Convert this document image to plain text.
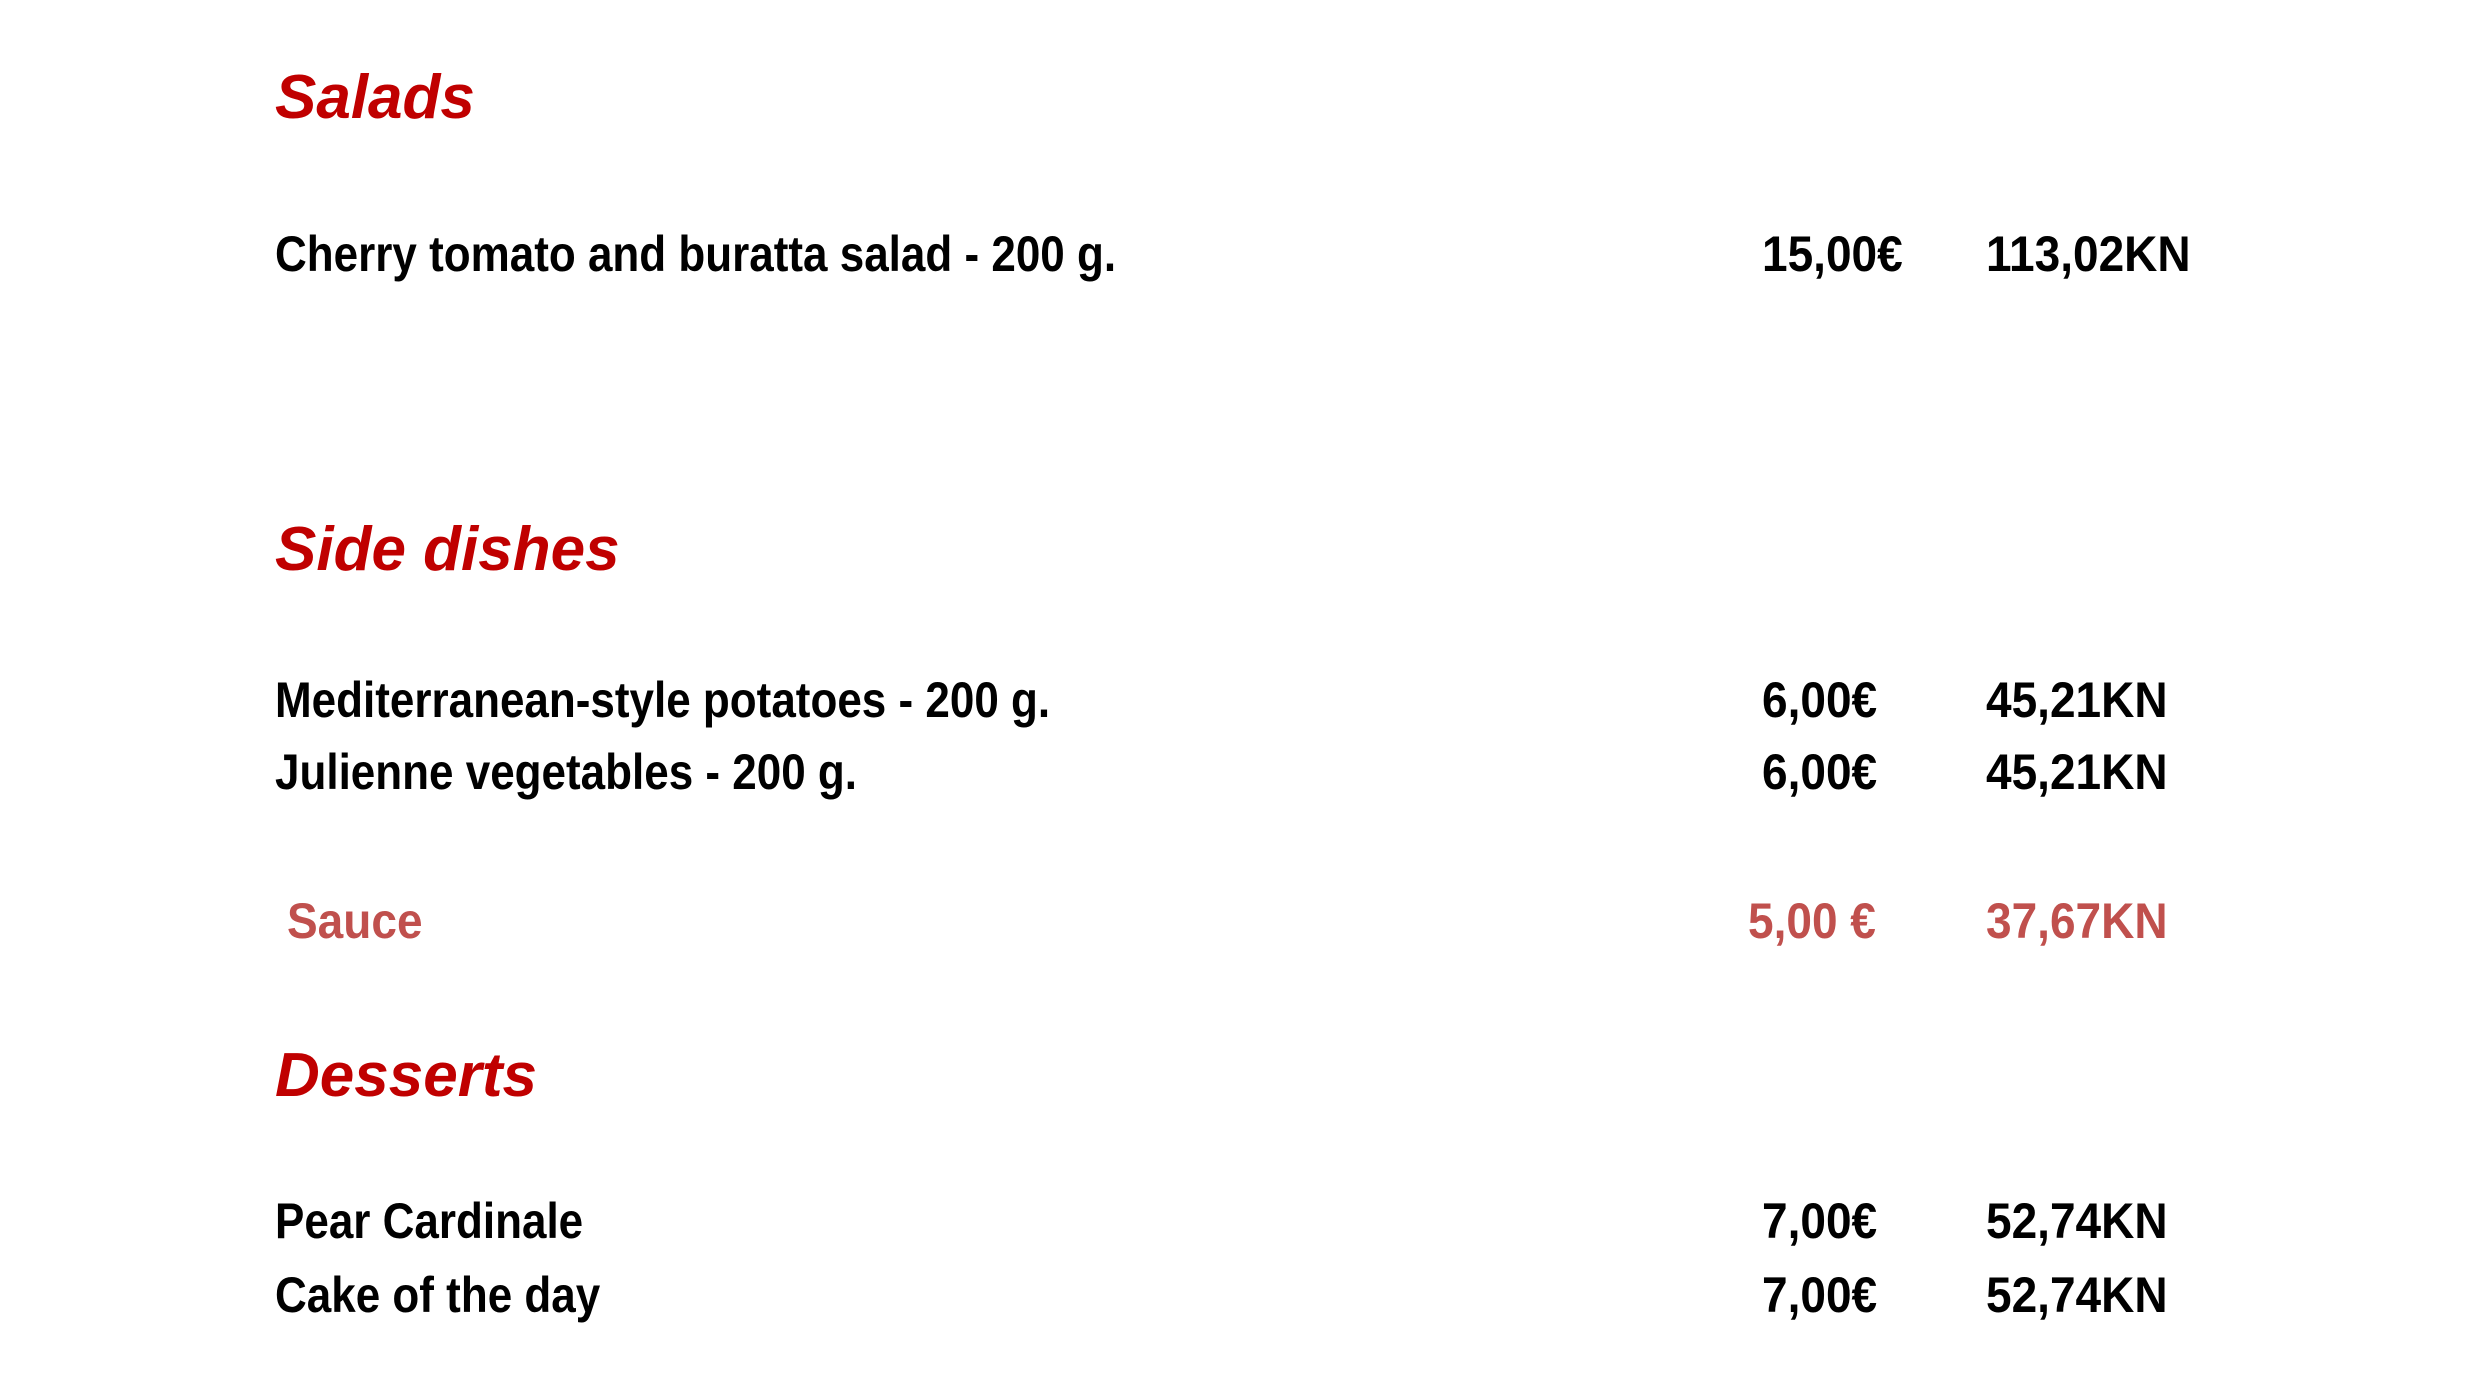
Salads
Cherry tomato and buratta salad - 200 g.	15,00€ 113,02KN
Side dishes
Mediterranean-style potatoes - 200 g.	6,00€ 45,21KN
Julienne vegetables - 200 g.	6,00€ 45,21KN
Sauce	5,00 € 37,67KN
Desserts
Pear Cardinale	7,00€ 52,74KN
Cake of the day	7,00€ 52,74KN
